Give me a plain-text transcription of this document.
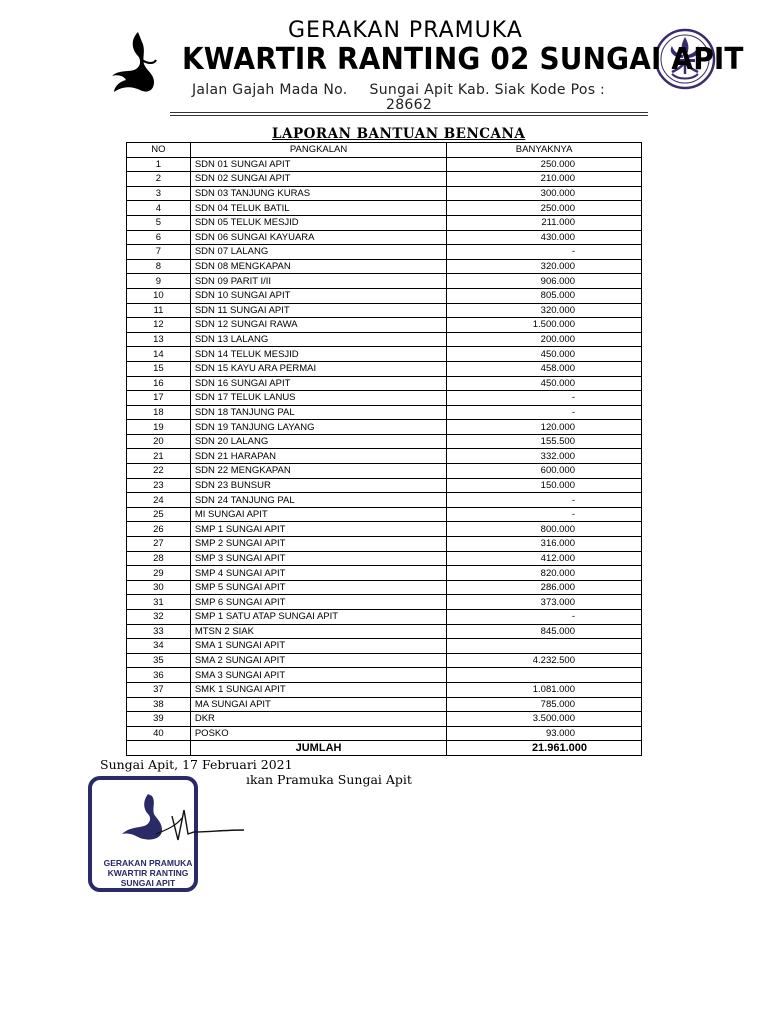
GERAKAN PRAMUKA
KWARTIR RANTING 02 SUNGAI APIT
Jalan Gajah Mada No. Sungai Apit Kab. Siak Kode Pos :
28662
LAPORAN BANTUAN BENCANA
NO	PANGKALAN	BANYAKNYA
1	SDN 01 SUNGAI APIT	250.000
2	SDN 02 SUNGAI APIT	210.000
3	SDN 03 TANJUNG KURAS	300.000
4	SDN 04 TELUK BATIL	250.000
5	SDN 05 TELUK MESJID	211.000
6	SDN 06 SUNGAI KAYUARA	430.000
7	SDN 07 LALANG	-
8	SDN 08 MENGKAPAN	320.000
9	SDN 09 PARIT I/II	906.000
10	SDN 10 SUNGAI APIT	805.000
11	SDN 11 SUNGAI APIT	320.000
12	SDN 12 SUNGAI RAWA	1.500.000
13	SDN 13 LALANG	200.000
14	SDN 14 TELUK MESJID	450.000
15	SDN 15 KAYU ARA PERMAI	458.000
16	SDN 16 SUNGAI APIT	450.000
17	SDN 17 TELUK LANUS	-
18	SDN 18 TANJUNG PAL	-
19	SDN 19 TANJUNG LAYANG	120.000
20	SDN 20 LALANG	155.500
21	SDN 21 HARAPAN	332.000
22	SDN 22 MENGKAPAN	600.000
23	SDN 23 BUNSUR	150.000
24	SDN 24 TANJUNG PAL	-
25	MI SUNGAI APIT	-
26	SMP 1 SUNGAI APIT	800.000
27	SMP 2 SUNGAI APIT	316.000
28	SMP 3 SUNGAI APIT	412.000
29	SMP 4 SUNGAI APIT	820.000
30	SMP 5 SUNGAI APIT	286.000
31	SMP 6 SUNGAI APIT	373.000
32	SMP 1 SATU ATAP SUNGAI APIT	-
33	MTSN 2 SIAK	845.000
34	SMA 1 SUNGAI APIT	
35	SMA 2 SUNGAI APIT	4.232.500
36	SMA 3 SUNGAI APIT	
37	SMK 1 SUNGAI APIT	1.081.000
38	MA SUNGAI APIT	785.000
39	DKR	3.500.000
40	POSKO	93.000
	JUMLAH	21.961.000
Sungai Apit, 17 Februari 2021
ıkan Pramuka Sungai Apit
GERAKAN PRAMUKA KWARTIR RANTING SUNGAI APIT
